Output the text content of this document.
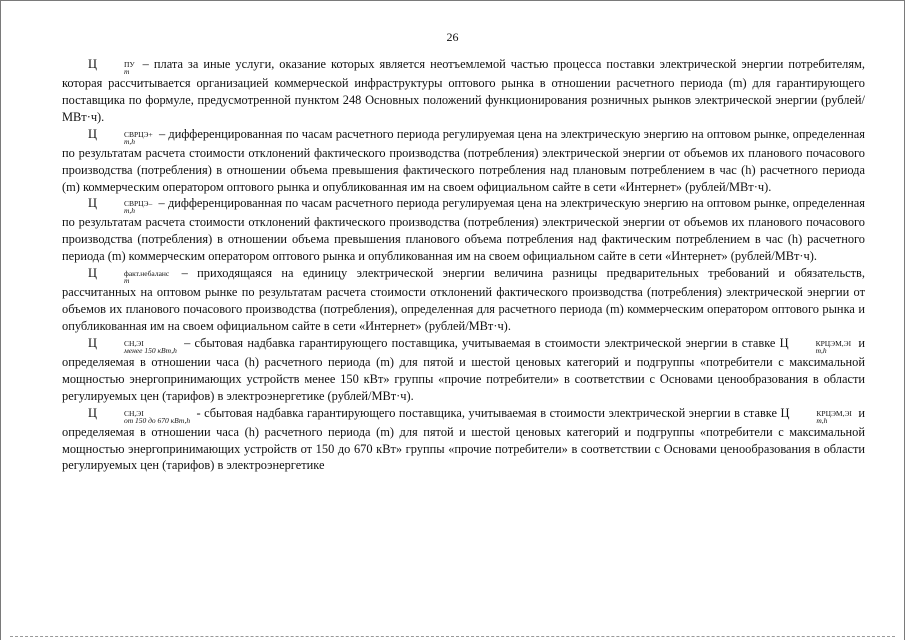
26

Ц	ПУ
m
– плата за иные услуги, оказание которых является неотъемлемой частью процесса поставки электрической энергии потребителям, которая рассчитывается организацией коммерческой инфраструктуры оптового рынка в отношении расчетного периода (m) для гарантирующего поставщика по формуле, предусмотренной пунктом 248 Основных положений функционирования розничных рынков электрической энергии (рублей/МВт·ч).

Ц	СВРЦЭ+
m,h
– дифференцированная по часам расчетного периода регулируемая цена на электрическую энергию на оптовом рынке, определенная по результатам расчета стоимости отклонений фактического производства (потребления) электрической энергии от объемов их планового почасового производства (потребления) в отношении объема превышения фактического потребления над плановым потреблением в час (h) расчетного периода (m) коммерческим оператором оптового рынка и опубликованная им на своем официальном сайте в сети «Интернет» (рублей/МВт·ч).

Ц	СВРЦЭ–
m,h
– дифференцированная по часам расчетного периода регулируемая цена на электрическую энергию на оптовом рынке, определенная по результатам расчета стоимости отклонений фактического производства (потребления) электрической энергии от объемов их планового почасового производства (потребления) в отношении объема превышения планового объема потребления над фактическим потреблением в час (h) расчетного периода (m) коммерческим оператором оптового рынка и опубликованная им на своем официальном сайте в сети «Интернет» (рублей/МВт·ч).

Ц	факт.небаланс
m
– приходящаяся на единицу электрической энергии величина разницы предварительных требований и обязательств, рассчитанных на оптовом рынке по результатам расчета стоимости отклонений фактического производства (потребления) электрической энергии от объемов их планового почасового производства (потребления), определенная для расчетного периода (m) коммерческим оператором оптового рынка и опубликованная им на своем официальном сайте в сети «Интернет» (рублей/МВт·ч).

Ц	СН,ЭІ
менее 150 кВт,h
– сбытовая надбавка гарантирующего поставщика, учитываемая в стоимости электрической энергии в ставке Ц	КРЦЭМ,ЭІ
m,h
и определяемая в отношении часа (h) расчетного периода (m) для пятой и шестой ценовых категорий и подгруппы «потребители с максимальной мощностью энергопринимающих устройств менее 150 кВт» группы «прочие потребители» в соответствии с Основами ценообразования в области регулируемых цен (тарифов) в электроэнергетике (рублей/МВт·ч).

Ц	СН,ЭІ
от 150 до 670 кВт,h
- сбытовая надбавка гарантирующего поставщика, учитываемая в стоимости электрической энергии в ставке Ц	КРЦЭМ,ЭІ
m,h
и определяемая в отношении часа (h) расчетного периода (m) для пятой и шестой ценовых категорий и подгруппы «потребители с максимальной мощностью энергопринимающих устройств от 150 до 670 кВт» группы «прочие потребители» в соответствии с Основами ценообразования в области регулируемых цен (тарифов) в электроэнергетике
